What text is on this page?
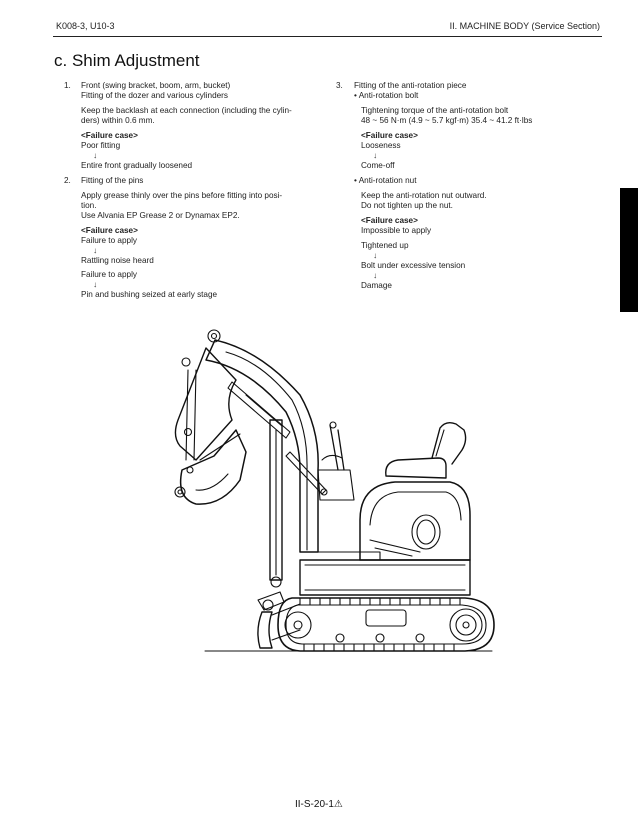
K008-3, U10-3	II. MACHINE BODY (Service Section)
c. Shim Adjustment
1. Front (swing bracket, boom, arm, bucket)

Fitting of the dozer and various cylinders

Keep the backlash at each connection (including the cylin-

ders) within 0.6 mm.

<Failure case>

Poor fitting

↓

Entire front gradually loosened

2. Fitting of the pins

Apply grease thinly over the pins before fitting into posi-

tion.

Use Alvania EP Grease 2 or Dynamax EP2.

<Failure case>

Failure to apply

↓

Rattling noise heard

Failure to apply

↓

Pin and bushing seized at early stage

3. Fitting of the anti-rotation piece

• Anti-rotation bolt

Tightening torque of the anti-rotation bolt

48 ~ 56 N·m (4.9 ~ 5.7 kgf·m) 35.4 ~ 41.2 ft·lbs

<Failure case>

Looseness

↓

Come-off

• Anti-rotation nut

Keep the anti-rotation nut outward.

Do not tighten up the nut.

<Failure case>

Impossible to apply

Tightened up

↓

Bolt under excessive tension

↓

Damage

II-S-20-1⚠
